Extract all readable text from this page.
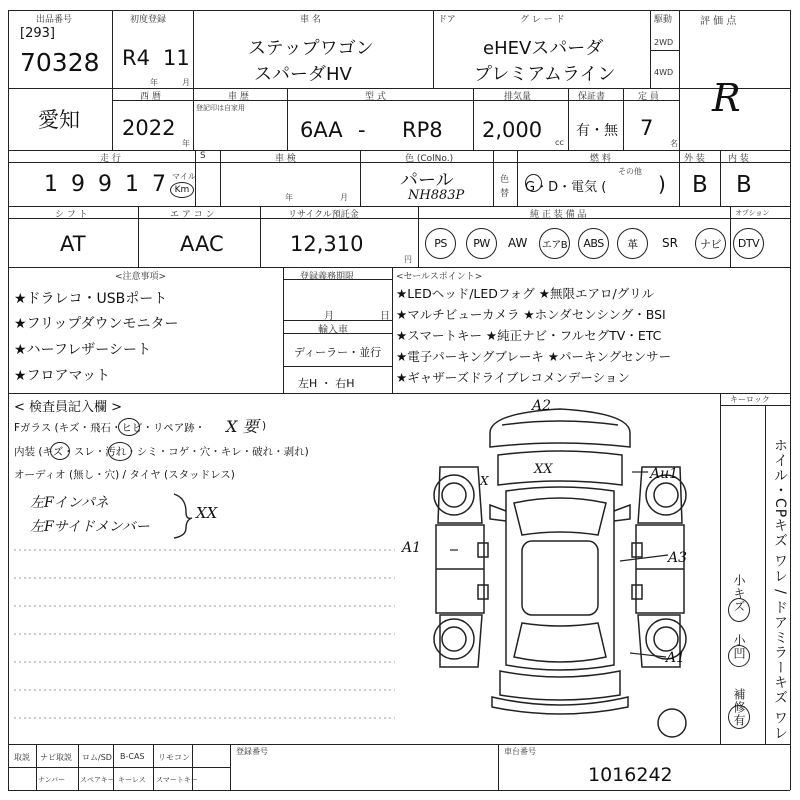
出品番号
[293]
70328
初度登録
R4 11
年	月
車 名
ステップワゴン
スパーダHV
ドア	グ レ ー ド
eHEVスパーダ
プレミアムライン
駆動
2WD
4WD
評 価 点
R
愛知
西 暦
2022
年
車 歴
登記印は自家用
型 式
6AA - RP8
排気量
2,000
cc
保証書
有・無
定 員
7
名
走 行	S
1 9 9 1 7 マイル
Km
車 検
年	月
色 (ColNo.)
パール
NH883P
色
替
燃 料
G・D・電気 (
その他
)
外 装
B
内 装
B
シ フ ト
AT
エ ア コ ン
AAC
リサイクル預託金
12,310
円
純 正 装 備 品	オプション
PS PW AW エアB ABS 革 SR ナビ DTV
<注意事項>
★ドラレコ・USBポート
★フリップダウンモニター
★ハーフレザーシート
★フロアマット
登録義務期限
月	日
輸入車
ディーラー・並行
左H ・ 右H
<セールスポイント>
★LEDヘッド/LEDフォグ ★無限エアロ/グリル
★マルチビューカメラ ★ホンダセンシング・BSI
★スマートキー ★純正ナビ・フルセグTV・ETC
★電子パーキングブレーキ ★パーキングセンサー
★ギャザーズドライブレコメンデーション
< 検査員記入欄 >
Fガラス (キズ・飛石・ヒビ・リペア跡・ X 要 )
内装 (キズ・スレ・汚れ・シミ・コゲ・穴・キレ・破れ・剥れ)
オーディオ (無し・穴) / タイヤ (スタッドレス)
左Fインパネ
左Fサイドメンバー
XX
A2
Au1
A1
A3
A1
XX
X
キーロック
ホイル・CPキズ ワレ / ドアミラーキズ ワレ
小キズ
小凹
補修有
取説 ナビ取説 ロム/SD B-CAS リモコン
ナンバー スペアキー キーレス スマートキー
登録番号	車台番号
1016242
